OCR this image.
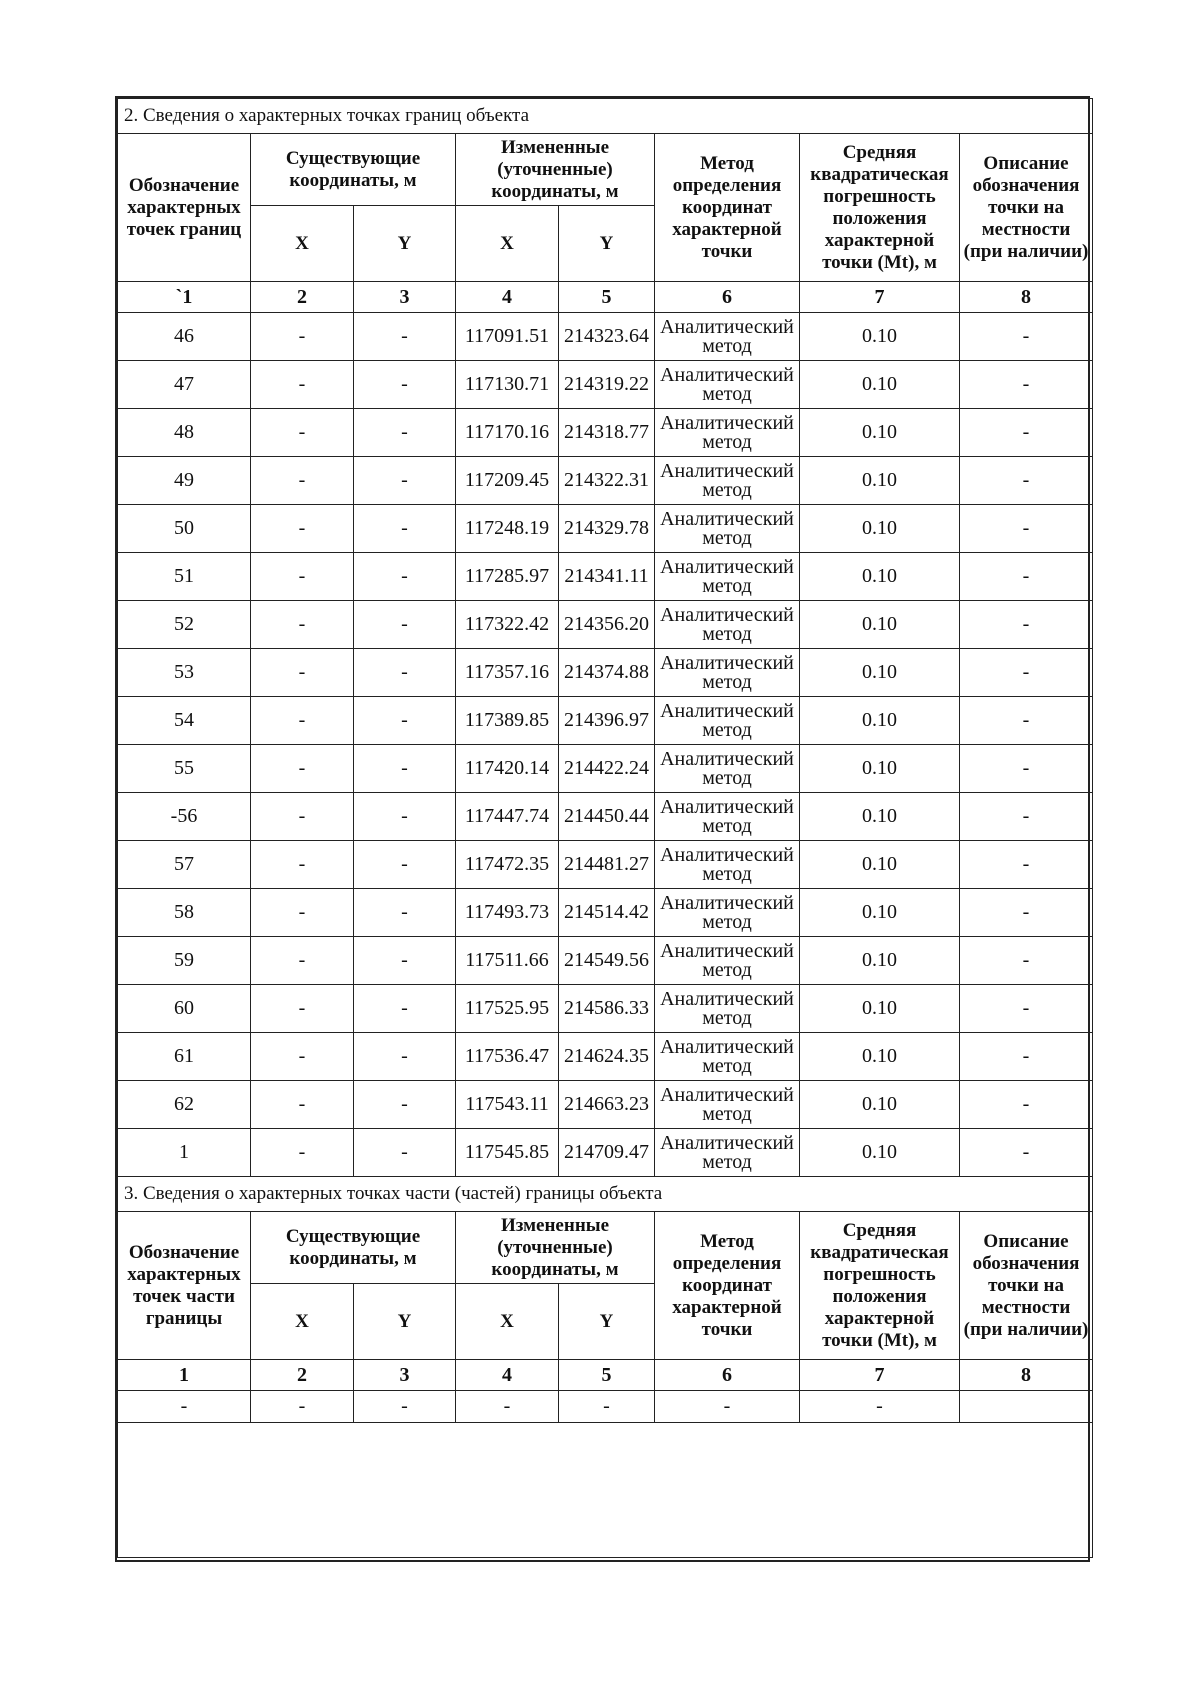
2. Сведения о характерных точках границ объекта							
Обозначение характерных точек границ	Существующие координаты, м		Измененные (уточненные) координаты, м		Метод определения координат характерной точки	Средняя квадратическая погрешность положения характерной точки (Mt), м	Описание обозначения точки на местности (при наличии)
	X	Y	X	Y			
`1	2	3	4	5	6	7	8
46	-	-	117091.51	214323.64	Аналитический метод	0.10	-
47	-	-	117130.71	214319.22	Аналитический метод	0.10	-
48	-	-	117170.16	214318.77	Аналитический метод	0.10	-
49	-	-	117209.45	214322.31	Аналитический метод	0.10	-
50	-	-	117248.19	214329.78	Аналитический метод	0.10	-
51	-	-	117285.97	214341.11	Аналитический метод	0.10	-
52	-	-	117322.42	214356.20	Аналитический метод	0.10	-
53	-	-	117357.16	214374.88	Аналитический метод	0.10	-
54	-	-	117389.85	214396.97	Аналитический метод	0.10	-
55	-	-	117420.14	214422.24	Аналитический метод	0.10	-
-56	-	-	117447.74	214450.44	Аналитический метод	0.10	-
57	-	-	117472.35	214481.27	Аналитический метод	0.10	-
58	-	-	117493.73	214514.42	Аналитический метод	0.10	-
59	-	-	117511.66	214549.56	Аналитический метод	0.10	-
60	-	-	117525.95	214586.33	Аналитический метод	0.10	-
61	-	-	117536.47	214624.35	Аналитический метод	0.10	-
62	-	-	117543.11	214663.23	Аналитический метод	0.10	-
1	-	-	117545.85	214709.47	Аналитический метод	0.10	-
3. Сведения о характерных точках части (частей) границы объекта							
Обозначение характерных точек части границы	Существующие координаты, м		Измененные (уточненные) координаты, м		Метод определения координат характерной точки	Средняя квадратическая погрешность положения характерной точки (Mt), м	Описание обозначения точки на местности (при наличии)
	X	Y	X	Y			
1	2	3	4	5	6	7	8
-	-	-	-	-	-	-	
